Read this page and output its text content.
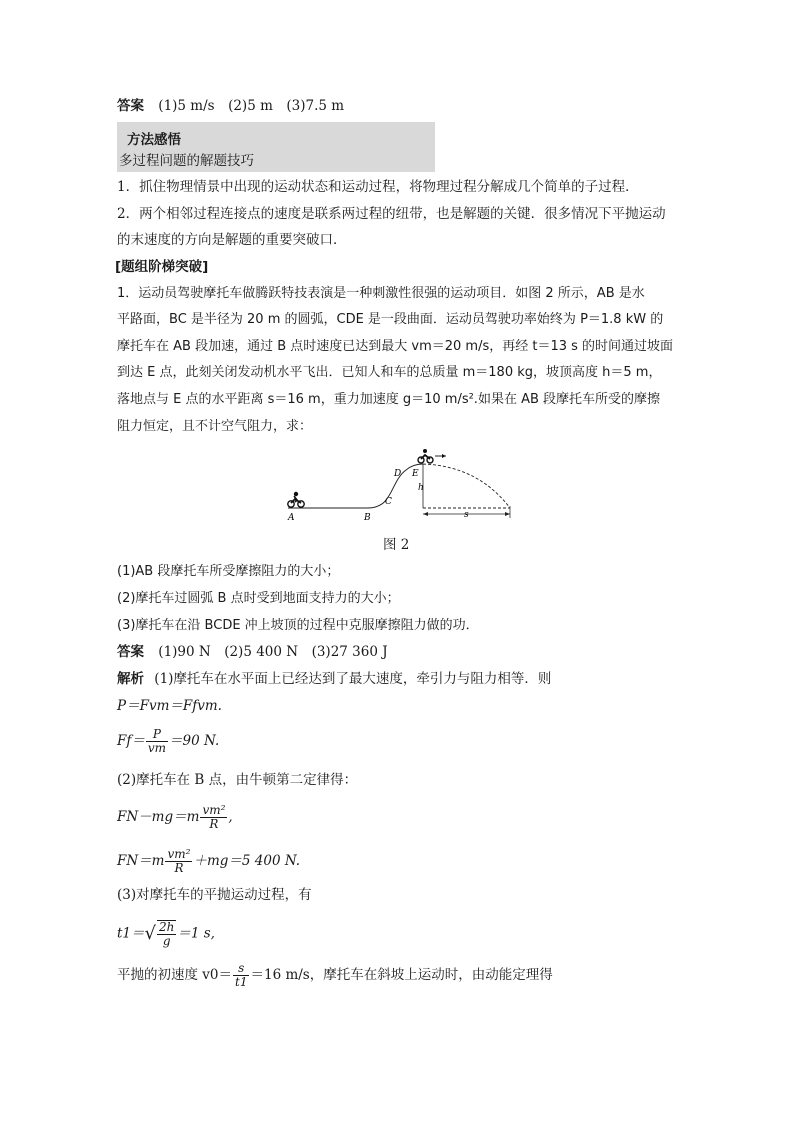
答案 (1)5 m/s　(2)5 m　(3)7.5 m
方法感悟
多过程问题的解题技巧
1．抓住物理情景中出现的运动状态和运动过程，将物理过程分解成几个简单的子过程．
2．两个相邻过程连接点的速度是联系两过程的纽带，也是解题的关键．很多情况下平抛运动
的末速度的方向是解题的重要突破口．
[题组阶梯突破]
1．运动员驾驶摩托车做腾跃特技表演是一种刺激性很强的运动项目．如图 2 所示，AB 是水
平路面，BC 是半径为 20 m 的圆弧，CDE 是一段曲面．运动员驾驶功率始终为 P＝1.8 kW 的
摩托车在 AB 段加速，通过 B 点时速度已达到最大 vm＝20 m/s，再经 t＝13 s 的时间通过坡面
到达 E 点，此刻关闭发动机水平飞出．已知人和车的总质量 m＝180 kg，坡顶高度 h＝5 m，
落地点与 E 点的水平距离 s＝16 m，重力加速度 g＝10 m/s².如果在 AB 段摩托车所受的摩擦
阻力恒定，且不计空气阻力，求：
A	B
C
D E
h
s
图 2
(1)AB 段摩托车所受摩擦阻力的大小；
(2)摩托车过圆弧 B 点时受到地面支持力的大小；
(3)摩托车在沿 BCDE 冲上坡顶的过程中克服摩擦阻力做的功．
答案 (1)90 N　(2)5 400 N　(3)27 360 J
解析 (1)摩托车在水平面上已经达到了最大速度，牵引力与阻力相等．则
P＝Fvm＝Ffvm.
$Ff= \frac{P}{vm} =90$ N.
(2)摩托车在 B 点，由牛顿第二定律得：
$FN-mg=m \frac{\text{vm²}}{R}$ ,
$FN=m \frac{\text{vm²}}{R} +mg=5$ 400 N.
(3)对摩托车的平抛运动过程，有
$t1=√ \frac{2h}{g} =1$ s,
平抛的初速度 $v0= \frac{s}{t1} =16$ m/s，摩托车在斜坡上运动时，由动能定理得
